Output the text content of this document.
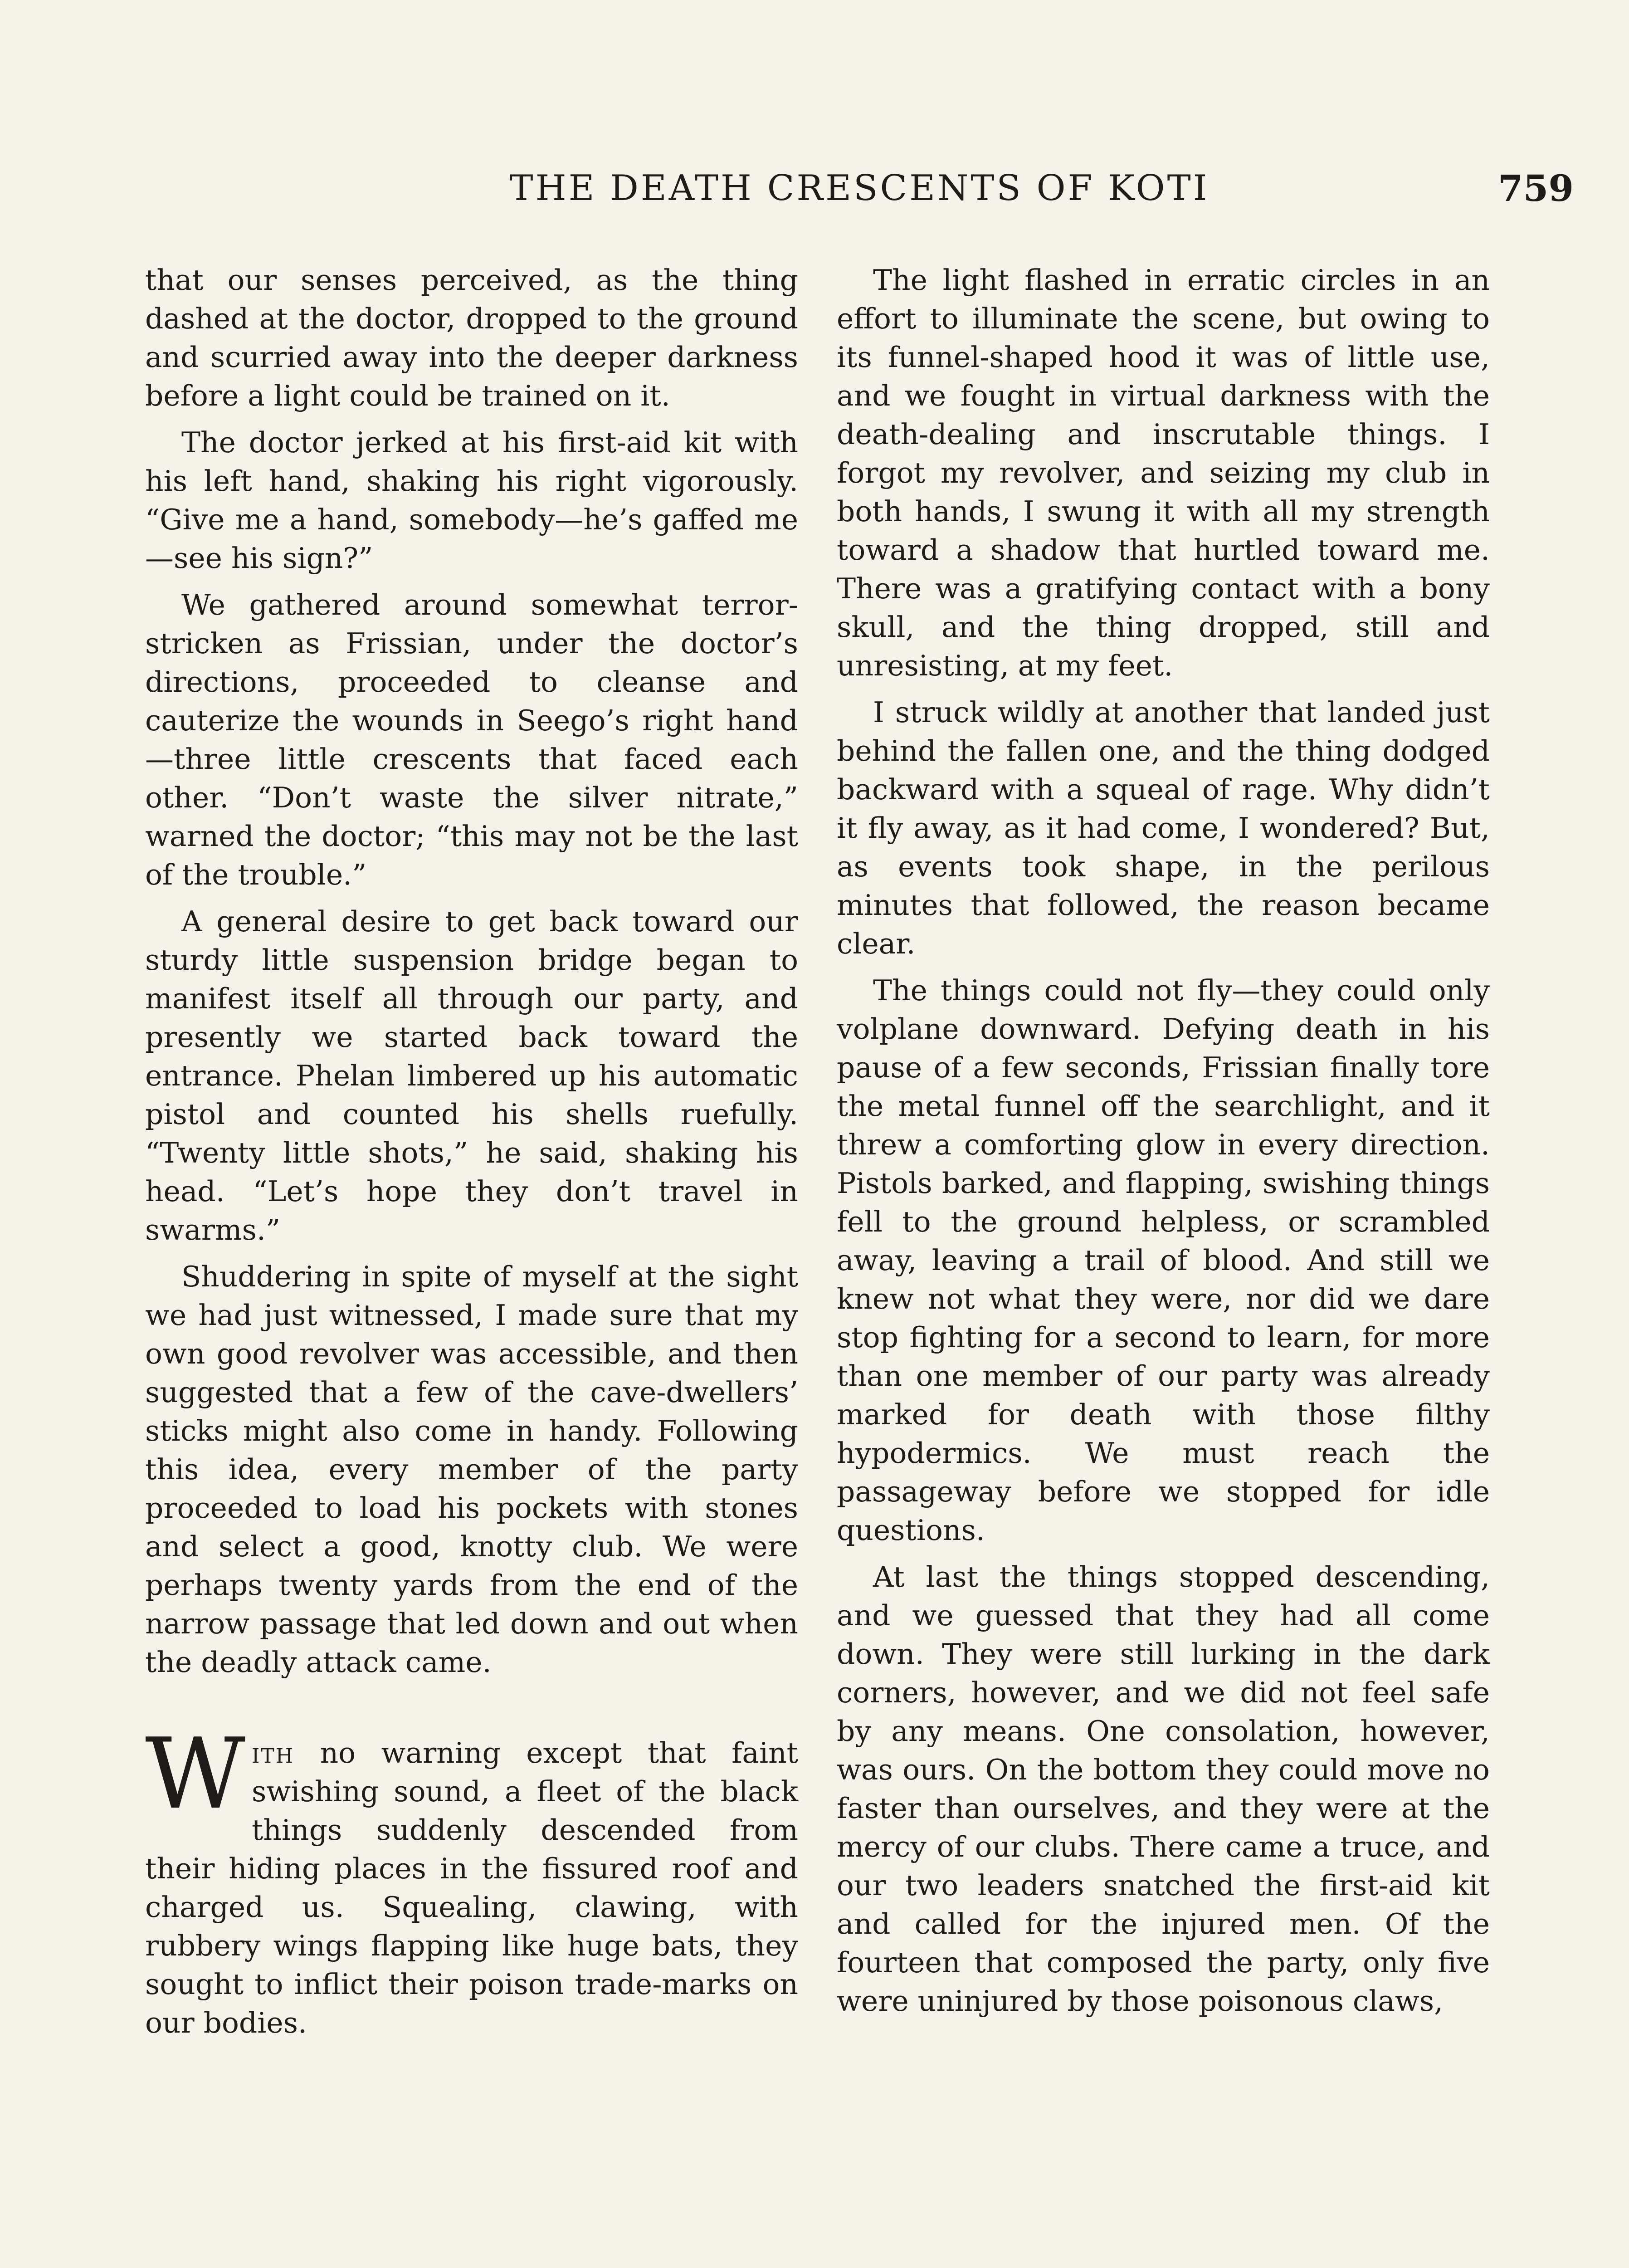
THE DEATH CRESCENTS OF KOTI	759

that our senses perceived, as the thing dashed at the doctor, dropped to the ground and scurried away into the deeper darkness before a light could be trained on it.

The doctor jerked at his first-aid kit with his left hand, shaking his right vigorously. “Give me a hand, somebody—he’s gaffed me—see his sign?”

We gathered around somewhat terror-stricken as Frissian, under the doctor’s directions, proceeded to cleanse and cauterize the wounds in Seego’s right hand—three little crescents that faced each other. “Don’t waste the silver nitrate,” warned the doctor; “this may not be the last of the trouble.”

A general desire to get back toward our sturdy little suspension bridge began to manifest itself all through our party, and presently we started back toward the entrance. Phelan limbered up his automatic pistol and counted his shells ruefully. “Twenty little shots,” he said, shaking his head. “Let’s hope they don’t travel in swarms.”

Shuddering in spite of myself at the sight we had just witnessed, I made sure that my own good revolver was accessible, and then suggested that a few of the cave-dwellers’ sticks might also come in handy. Following this idea, every member of the party proceeded to load his pockets with stones and select a good, knotty club. We were perhaps twenty yards from the end of the narrow passage that led down and out when the deadly attack came.

With no warning except that faint swishing sound, a fleet of the black things suddenly descended from their hiding places in the fissured roof and charged us. Squealing, clawing, with rubbery wings flapping like huge bats, they sought to inflict their poison trade-marks on our bodies.

The light flashed in erratic circles in an effort to illuminate the scene, but owing to its funnel-shaped hood it was of little use, and we fought in virtual darkness with the death-dealing and inscrutable things. I forgot my revolver, and seizing my club in both hands, I swung it with all my strength toward a shadow that hurtled toward me. There was a gratifying contact with a bony skull, and the thing dropped, still and unresisting, at my feet.

I struck wildly at another that landed just behind the fallen one, and the thing dodged backward with a squeal of rage. Why didn’t it fly away, as it had come, I wondered? But, as events took shape, in the perilous minutes that followed, the reason became clear.

The things could not fly—they could only volplane downward. Defying death in his pause of a few seconds, Frissian finally tore the metal funnel off the searchlight, and it threw a comforting glow in every direction. Pistols barked, and flapping, swishing things fell to the ground helpless, or scrambled away, leaving a trail of blood. And still we knew not what they were, nor did we dare stop fighting for a second to learn, for more than one member of our party was already marked for death with those filthy hypodermics. We must reach the passageway before we stopped for idle questions.

At last the things stopped descending, and we guessed that they had all come down. They were still lurking in the dark corners, however, and we did not feel safe by any means. One consolation, however, was ours. On the bottom they could move no faster than ourselves, and they were at the mercy of our clubs. There came a truce, and our two leaders snatched the first-aid kit and called for the injured men. Of the fourteen that composed the party, only five were uninjured by those poisonous claws,
